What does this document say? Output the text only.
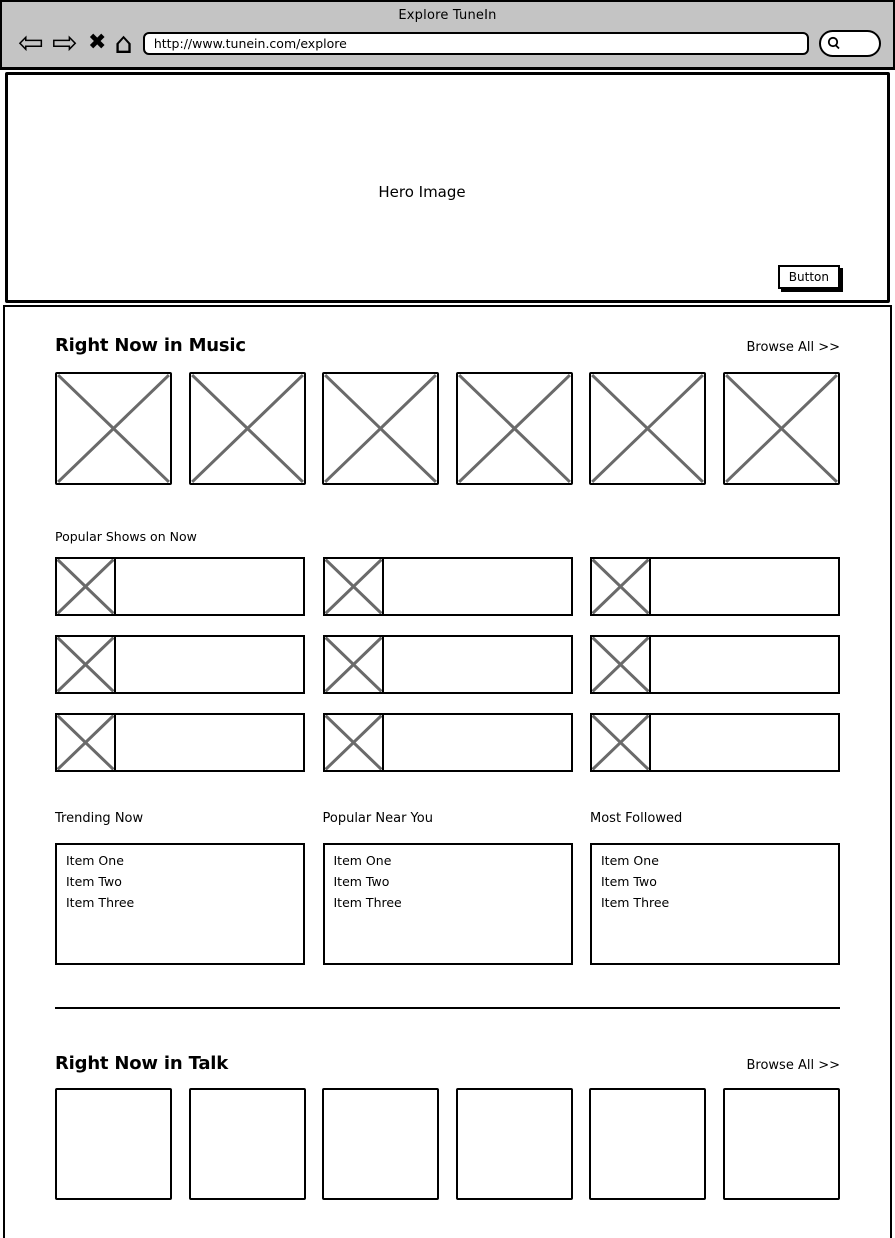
Explore TuneIn
⇦ ⇨ ✖ ⌂	http://www.tunein.com/explore
Hero Image
Button
Right Now in Music	Browse All >>
Popular Shows on Now
Trending Now
Item One
Item Two
Item Three
Popular Near You
Item One
Item Two
Item Three
Most Followed
Item One
Item Two
Item Three
Right Now in Talk	Browse All >>
